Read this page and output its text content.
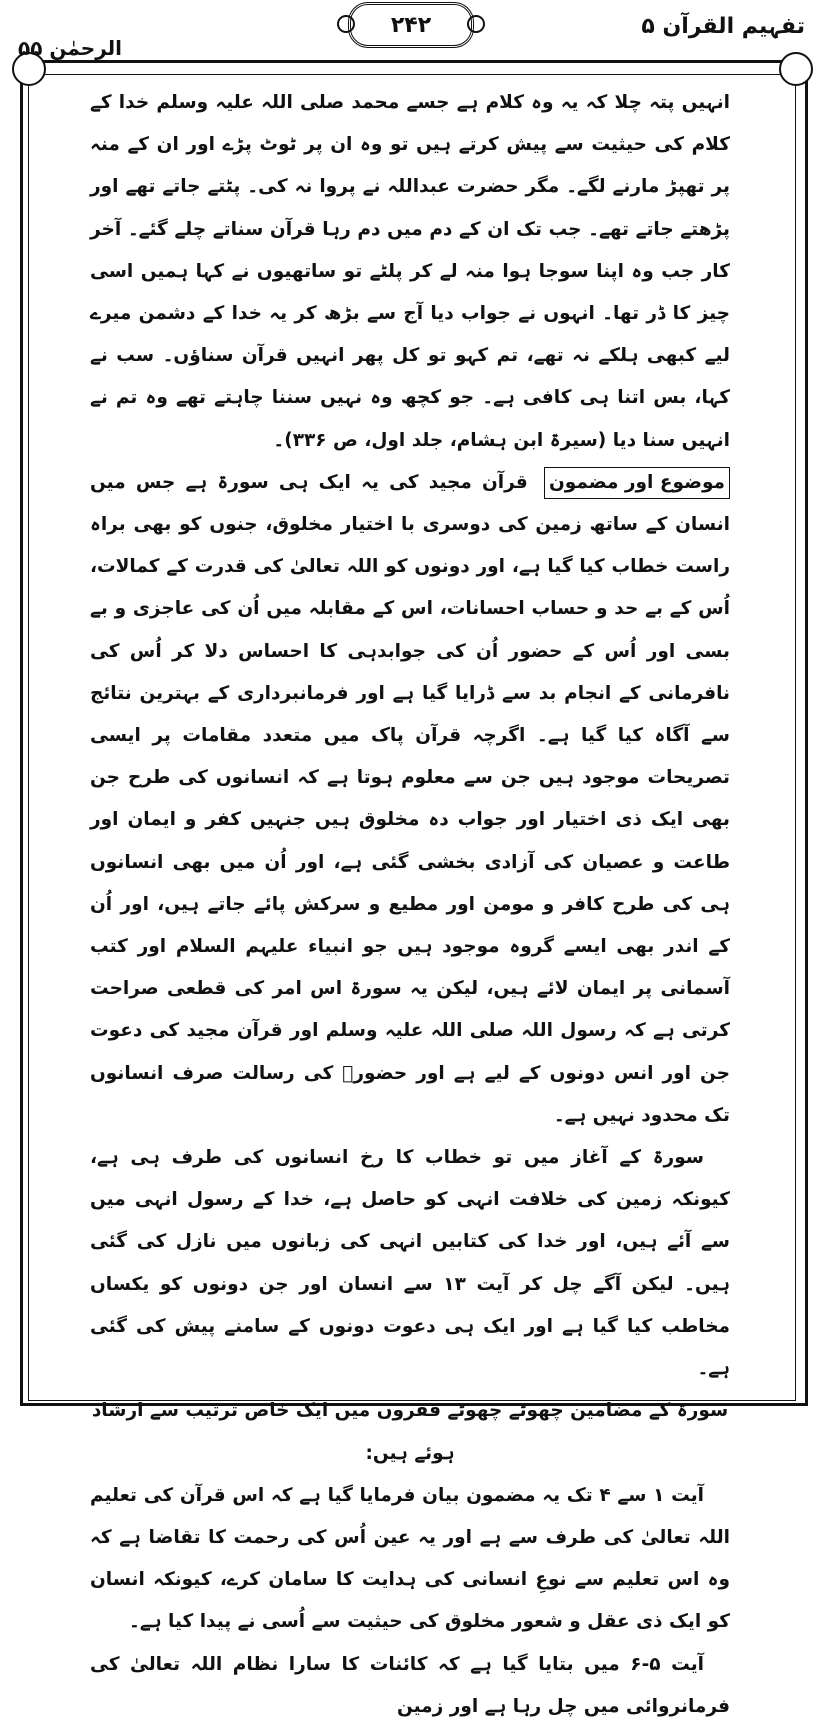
الرحمٰن ۵۵
۲۴۲	تفہیم القرآن ۵

انہیں پتہ چلا کہ یہ وہ کلام ہے جسے محمد صلی اللہ علیہ وسلم خدا کے کلام کی حیثیت سے پیش کرتے ہیں تو وہ ان پر ٹوٹ پڑے اور ان کے منہ پر تھپڑ مارنے لگے۔ مگر حضرت عبداللہ نے پروا نہ کی۔ پٹتے جاتے تھے اور پڑھتے جاتے تھے۔ جب تک ان کے دم میں دم رہا قرآن سناتے چلے گئے۔ آخر کار جب وہ اپنا سوجا ہوا منہ لے کر پلٹے تو ساتھیوں نے کہا ہمیں اسی چیز کا ڈر تھا۔ انہوں نے جواب دیا آج سے بڑھ کر یہ خدا کے دشمن میرے لیے کبھی ہلکے نہ تھے، تم کہو تو کل پھر انہیں قرآن سناؤں۔ سب نے کہا، بس اتنا ہی کافی ہے۔ جو کچھ وہ نہیں سننا چاہتے تھے وہ تم نے انہیں سنا دیا (سیرۃ ابن ہشام، جلد اول، ص ۳۳۶)۔

موضوع اور مضمون قرآن مجید کی یہ ایک ہی سورۃ ہے جس میں انسان کے ساتھ زمین کی دوسری با اختیار مخلوق، جنوں کو بھی براہ راست خطاب کیا گیا ہے، اور دونوں کو اللہ تعالیٰ کی قدرت کے کمالات، اُس کے بے حد و حساب احسانات، اس کے مقابلہ میں اُن کی عاجزی و بے بسی اور اُس کے حضور اُن کی جوابدہی کا احساس دلا کر اُس کی نافرمانی کے انجام بد سے ڈرایا گیا ہے اور فرمانبرداری کے بہترین نتائج سے آگاہ کیا گیا ہے۔ اگرچہ قرآن پاک میں متعدد مقامات پر ایسی تصریحات موجود ہیں جن سے معلوم ہوتا ہے کہ انسانوں کی طرح جن بھی ایک ذی اختیار اور جواب دہ مخلوق ہیں جنہیں کفر و ایمان اور طاعت و عصیان کی آزادی بخشی گئی ہے، اور اُن میں بھی انسانوں ہی کی طرح کافر و مومن اور مطیع و سرکش پائے جاتے ہیں، اور اُن کے اندر بھی ایسے گروہ موجود ہیں جو انبیاء علیہم السلام اور کتب آسمانی پر ایمان لائے ہیں، لیکن یہ سورۃ اس امر کی قطعی صراحت کرتی ہے کہ رسول اللہ صلی اللہ علیہ وسلم اور قرآن مجید کی دعوت جن اور انس دونوں کے لیے ہے اور حضورؐ کی رسالت صرف انسانوں تک محدود نہیں ہے۔

سورۃ کے آغاز میں تو خطاب کا رخ انسانوں کی طرف ہی ہے، کیونکہ زمین کی خلافت انہی کو حاصل ہے، خدا کے رسول انہی میں سے آئے ہیں، اور خدا کی کتابیں انہی کی زبانوں میں نازل کی گئی ہیں۔ لیکن آگے چل کر آیت ۱۳ سے انسان اور جن دونوں کو یکساں مخاطب کیا گیا ہے اور ایک ہی دعوت دونوں کے سامنے پیش کی گئی ہے۔

سورۃ کے مضامین چھوٹے چھوٹے فقروں میں ایک خاص ترتیب سے ارشاد ہوئے ہیں:

آیت ۱ سے ۴ تک یہ مضمون بیان فرمایا گیا ہے کہ اس قرآن کی تعلیم اللہ تعالیٰ کی طرف سے ہے اور یہ عین اُس کی رحمت کا تقاضا ہے کہ وہ اس تعلیم سے نوعِ انسانی کی ہدایت کا سامان کرے، کیونکہ انسان کو ایک ذی عقل و شعور مخلوق کی حیثیت سے اُسی نے پیدا کیا ہے۔

آیت ۵-۶ میں بتایا گیا ہے کہ کائنات کا سارا نظام اللہ تعالیٰ کی فرمانروائی میں چل رہا ہے اور زمین
